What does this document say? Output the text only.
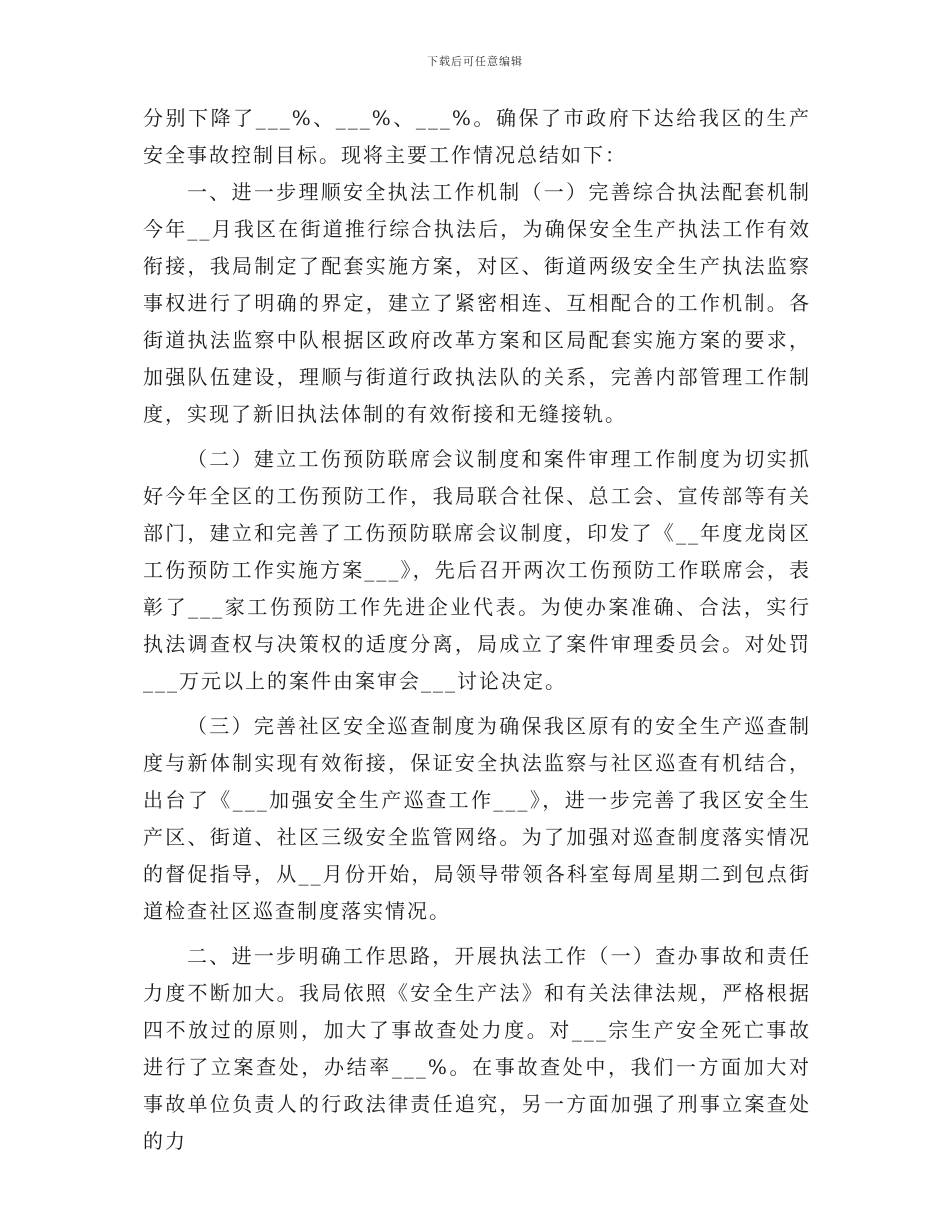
下载后可任意编辑

分别下降了___%、___%、___%。确保了市政府下达给我区的生产安全事故控制目标。现将主要工作情况总结如下：

一、进一步理顺安全执法工作机制（一）完善综合执法配套机制今年__月我区在街道推行综合执法后，为确保安全生产执法工作有效衔接，我局制定了配套实施方案，对区、街道两级安全生产执法监察事权进行了明确的界定，建立了紧密相连、互相配合的工作机制。各街道执法监察中队根据区政府改革方案和区局配套实施方案的要求，加强队伍建设，理顺与街道行政执法队的关系，完善内部管理工作制度，实现了新旧执法体制的有效衔接和无缝接轨。

（二）建立工伤预防联席会议制度和案件审理工作制度为切实抓好今年全区的工伤预防工作，我局联合社保、总工会、宣传部等有关部门，建立和完善了工伤预防联席会议制度，印发了《__年度龙岗区工伤预防工作实施方案___》，先后召开两次工伤预防工作联席会，表彰了___家工伤预防工作先进企业代表。为使办案准确、合法，实行执法调查权与决策权的适度分离，局成立了案件审理委员会。对处罚___万元以上的案件由案审会___讨论决定。

（三）完善社区安全巡查制度为确保我区原有的安全生产巡查制度与新体制实现有效衔接，保证安全执法监察与社区巡查有机结合，出台了《___加强安全生产巡查工作___》，进一步完善了我区安全生产区、街道、社区三级安全监管网络。为了加强对巡查制度落实情况的督促指导，从__月份开始，局领导带领各科室每周星期二到包点街道检查社区巡查制度落实情况。

二、进一步明确工作思路，开展执法工作（一）查办事故和责任力度不断加大。我局依照《安全生产法》和有关法律法规，严格根据四不放过的原则，加大了事故查处力度。对___宗生产安全死亡事故进行了立案查处，办结率___%。在事故查处中，我们一方面加大对事故单位负责人的行政法律责任追究，另一方面加强了刑事立案查处的力
